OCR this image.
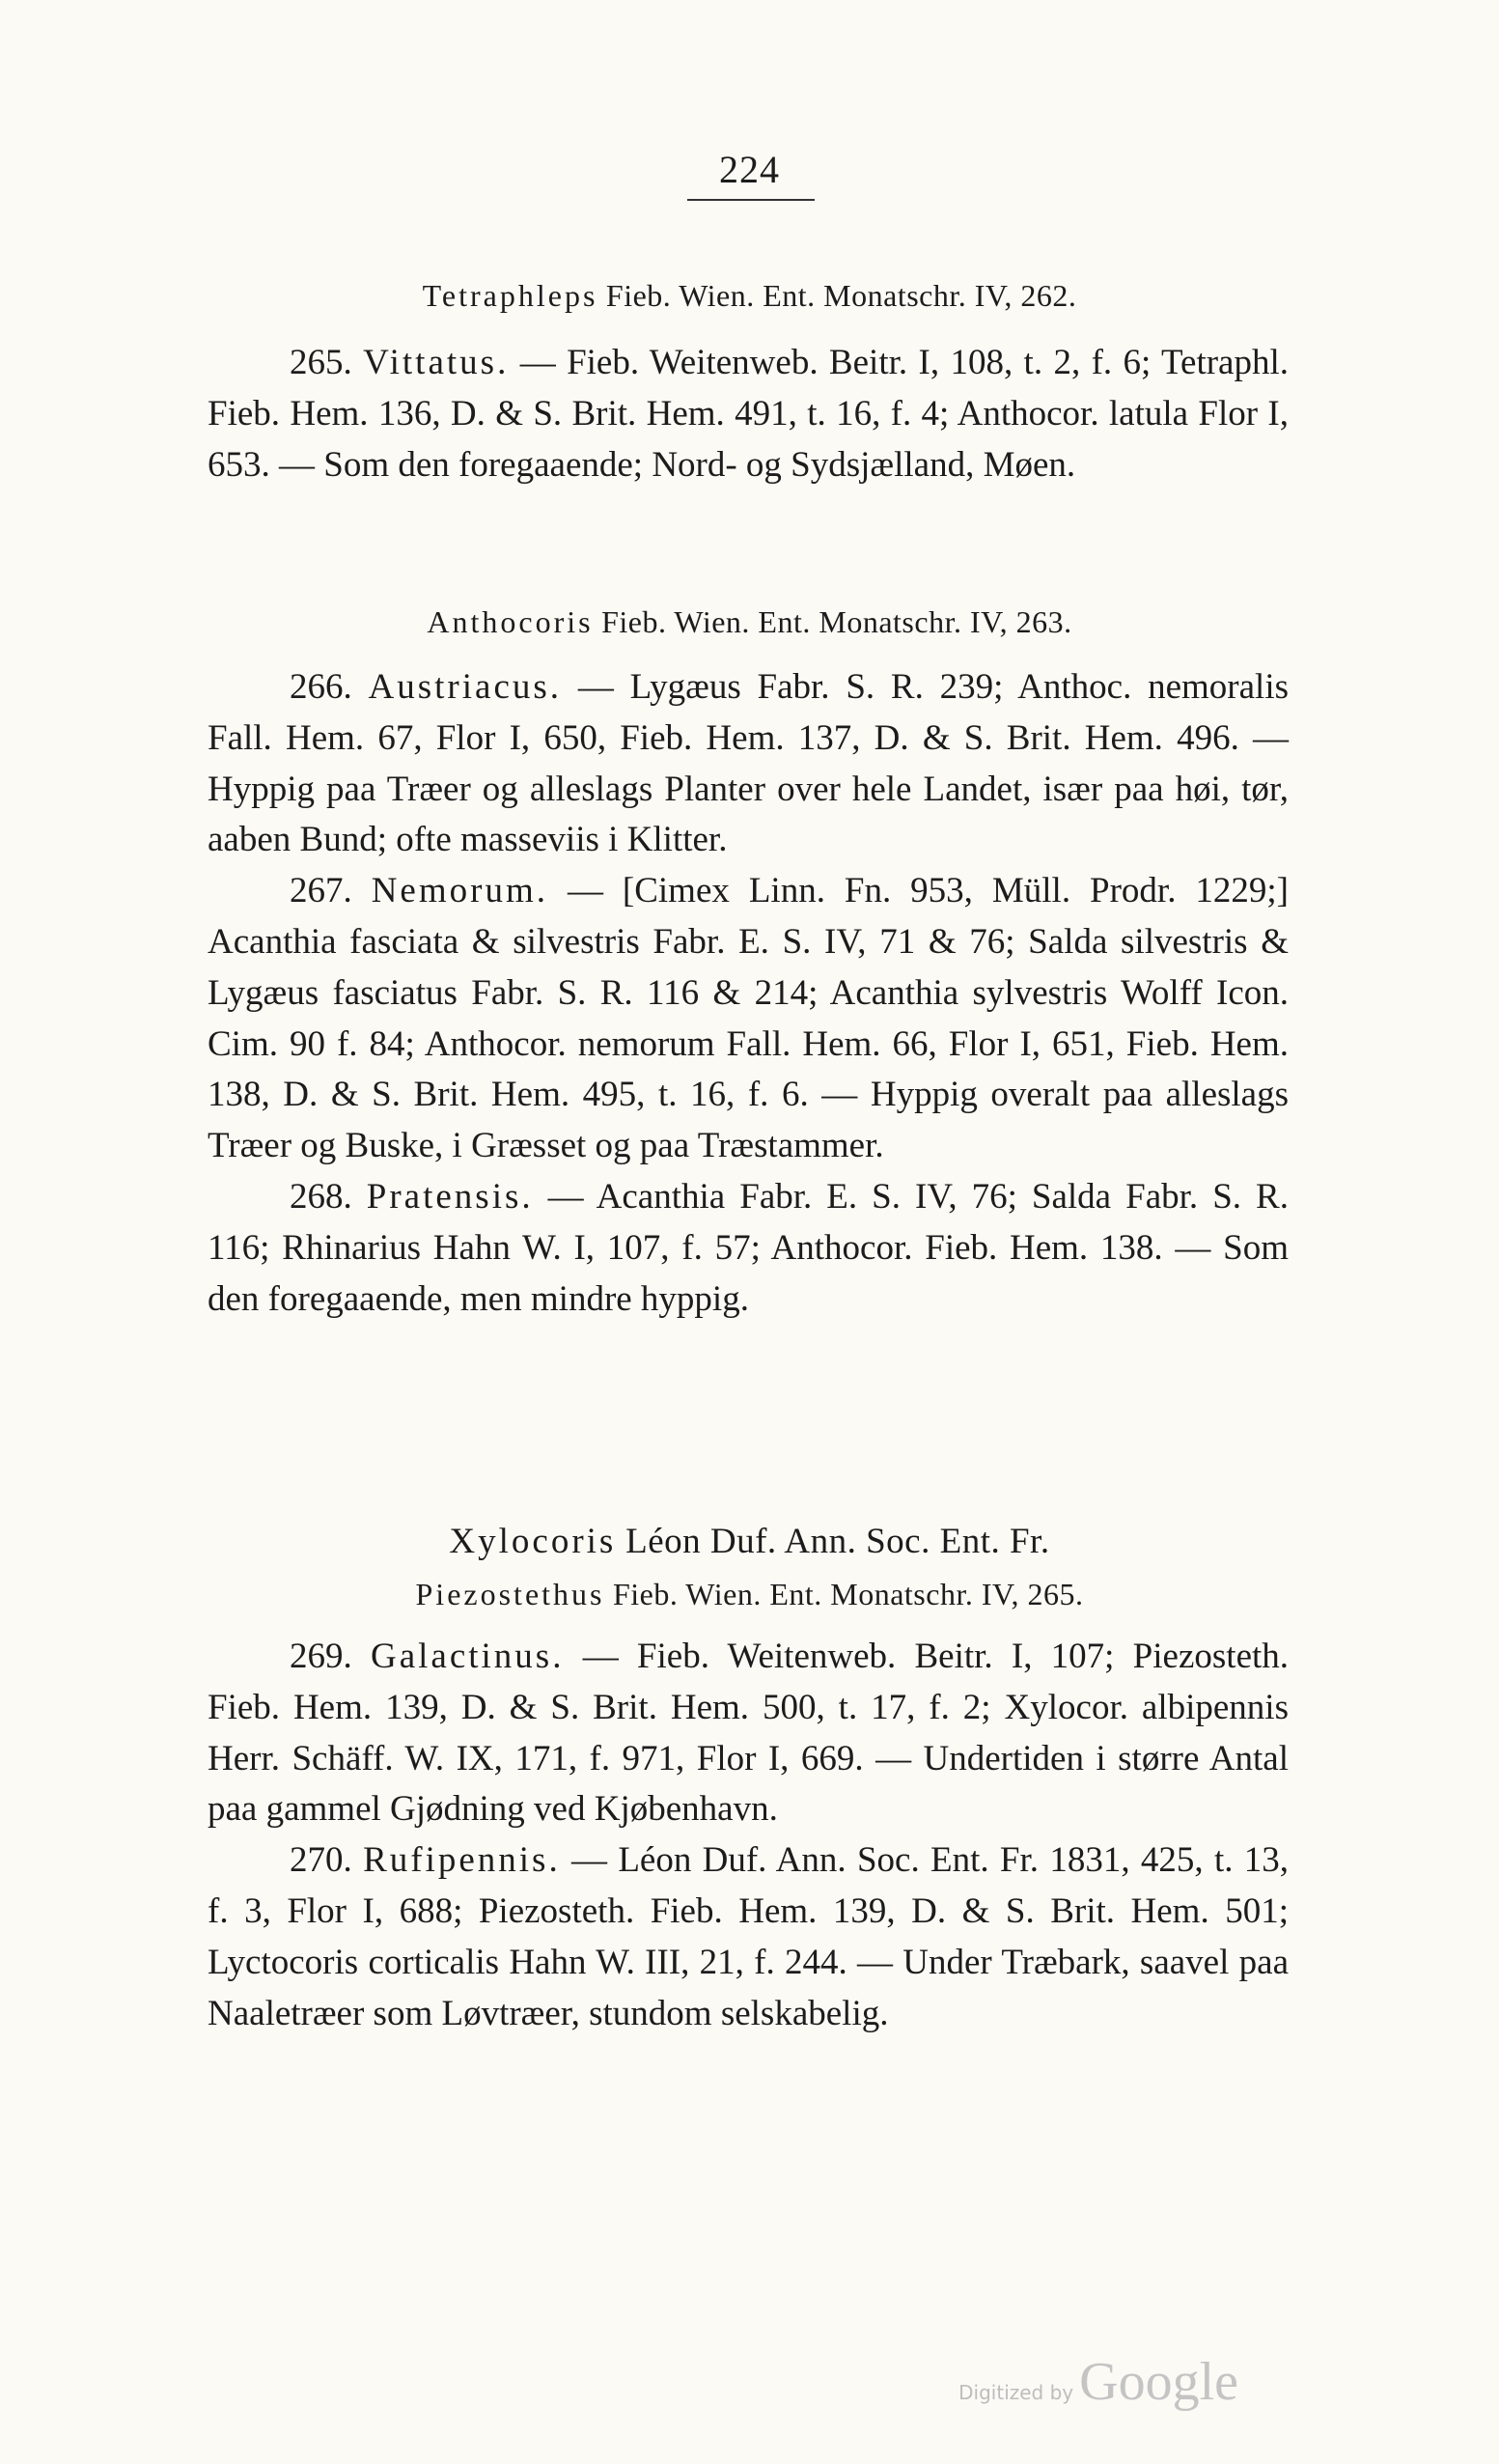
224
Tetraphleps Fieb. Wien. Ent. Monatschr. IV, 262.

265. Vittatus. — Fieb. Weitenweb. Beitr. I, 108, t. 2, f. 6; Tetraphl. Fieb. Hem. 136, D. & S. Brit. Hem. 491, t. 16, f. 4; Anthocor. latula Flor I, 653. — Som den foregaaende; Nord- og Sydsjælland, Møen.

Anthocoris Fieb. Wien. Ent. Monatschr. IV, 263.

266. Austriacus. — Lygæus Fabr. S. R. 239; Anthoc. nemoralis Fall. Hem. 67, Flor I, 650, Fieb. Hem. 137, D. & S. Brit. Hem. 496. — Hyppig paa Træer og alleslags Planter over hele Landet, især paa høi, tør, aaben Bund; ofte masseviis i Klitter.

267. Nemorum. — [Cimex Linn. Fn. 953, Müll. Prodr. 1229;] Acanthia fasciata & silvestris Fabr. E. S. IV, 71 & 76; Salda silvestris & Lygæus fasciatus Fabr. S. R. 116 & 214; Acanthia sylvestris Wolff Icon. Cim. 90 f. 84; Anthocor. nemorum Fall. Hem. 66, Flor I, 651, Fieb. Hem. 138, D. & S. Brit. Hem. 495, t. 16, f. 6. — Hyppig overalt paa alleslags Træer og Buske, i Græsset og paa Træstammer.

268. Pratensis. — Acanthia Fabr. E. S. IV, 76; Salda Fabr. S. R. 116; Rhinarius Hahn W. I, 107, f. 57; Anthocor. Fieb. Hem. 138. — Som den foregaaende, men mindre hyppig.

Xylocoris Léon Duf. Ann. Soc. Ent. Fr.
Piezostethus Fieb. Wien. Ent. Monatschr. IV, 265.

269. Galactinus. — Fieb. Weitenweb. Beitr. I, 107; Piezosteth. Fieb. Hem. 139, D. & S. Brit. Hem. 500, t. 17, f. 2; Xylocor. albipennis Herr. Schäff. W. IX, 171, f. 971, Flor I, 669. — Undertiden i større Antal paa gammel Gjødning ved Kjøbenhavn.

270. Rufipennis. — Léon Duf. Ann. Soc. Ent. Fr. 1831, 425, t. 13, f. 3, Flor I, 688; Piezosteth. Fieb. Hem. 139, D. & S. Brit. Hem. 501; Lyctocoris corticalis Hahn W. III, 21, f. 244. — Under Træbark, saavel paa Naaletræer som Løvtræer, stundom selskabelig.

Digitized by Google
